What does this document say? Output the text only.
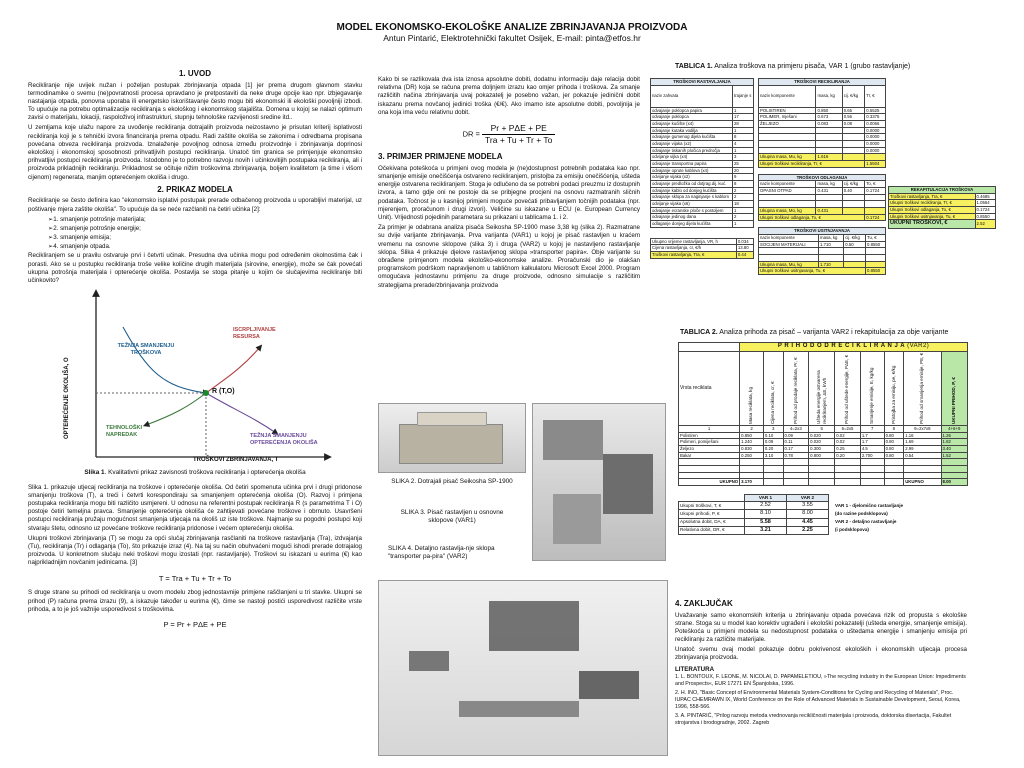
MODEL EKONOMSKO-EKOLOŠKE ANALIZE ZBRINJAVANJA PROIZVODA
Antun Pintarić, Elektrotehnički fakultet Osijek, E-mail: pinta@etfos.hr
1. UVOD

Recikliranje nije uvijek nužan i poželjan postupak zbrinjavanja otpada [1] jer prema drugom glavnom stavku termodinamike o svemu (ne)povratnosti procesa opravdano je pretpostaviti da neke druge opcije kao npr. izbjegavanje nastajanja otpada, ponovna uporaba ili energetsko iskorištavanje često mogu biti ekonomski ili ekološki povoljniji izbodi. To upućuje na potrebu optimalizacije recikliranja s ekološkog i ekonomskog stajališta. Domena u kojoj se nalazi optimum zavisi o materijalu, lokaciji, raspoloživoj infrastrukturi, stupnju tehnološke razvijenosti sredine itd..

U zemljama koje ulažu napore za uvođenje recikliranja dotrajalih proizvoda neizostavno je prisutan kriterij isplativosti recikliranja koji je s tehnički izvora financiranja prema otpadu. Radi zaštite okoliša se zakonima i odredbama propisana povećana obveza recikliranja proizvoda. Iznalaženje povoljnog odnosa između proizvodnje i zbrinjavanja doprinosi ekološkoj i ekonomskoj sposobnosti prihvatljivih postupci recikliranja. Unatoč tim granica se primjenjuje ekonomsko prihvatljivi postupci recikliranja proizvoda. Istodobno je to potrebno razvoju novih i učinkovitijih postupaka recikliranja, ali i proizvoda prikladnijih recikliranju. Prikladnost se očituje nižim troškovima zbrinjavanja, boljem kvalitetom (a time i višom cijenom) regenerata, manjim opterećenjem okoliša i drugo.

2. PRIKAZ MODELA

Recikliranje se često definira kao "ekonomsko isplativi postupak prerade odbačenog proizvoda u uporabljivi materijal, uz poštivanje mjera zaštite okoliša". To upućuje da se neće razčlaniti na četiri učinka [2]:

➢1. smanjenje potrošnje materijala;
➢2. smanjenje potrošnje energije;
➢3. smanjenje emisija;
➢4. smanjenje otpada.

Recikliranjem se u pravilu ostvaruje prvi i četvrti učinak. Presudna dva učinka mogu pod određenim okolnostima čak i porasti. Ako se u postupku recikliranja troše velike količine drugih materijala (sirovine, energije), može se čak povećati ukupna potrošnja materijala i opterećenje okoliša. Postavlja se stoga pitanje u kojim će slučajevima recikliranje biti učinkovito?

TEŽNJA SMANJENJU TROŠKOVA
ISCRPLJIVANJE RESURSA
TEHNOLOŠKI NAPREDAK	TEŽNJA SMANJENJU OPTEREĆENJA OKOLIŠA
R (T,O)
OPTEREĆENJE OKOLIŠA, O
TROŠKOVI ZBRINJAVANJA, T
Slika 1. Kvalitativni prikaz zavisnosti troškova recikliranja i opterećenja okoliša

Slika 1. prikazuje utjecaj recikliranja na troškove i opterećenje okoliša. Od četiri spomenuta učinka prvi i drugi pridonose smanjenju troškova (T), a treći i četvrti korespondiraju sa smanjenjem opterećenja okoliša (O). Razvoj i primjena postupaka recikliranja mogu biti različito usmjereni. U odnosu na referentni postupak recikliranja R (s parametrima T i O) postoje četiri temeljna pravca. Smanjenje opterećenja okoliša će zahtijevati povećane troškove i obrnuto. Usavršeni postupci recikliranja pružaju mogućnost smanjenja utjecaja na okoliš uz iste troškove. Najmanje su pogodni postupci koji stvaraju štetu, odnosno uz povećane troškove recikliranja pridonose i većem opterećenju okoliša.

Ukupni troškovi zbrinjavanja (T) se mogu za opći slučaj zbrinjavanja rasčlaniti na troškove rastavljanja (Tra), izdvajanja (Tu), recikliranja (Tr) i odlaganja (To), što prikazuje izraz (4). Na taj su način obuhvaćeni mogući ishodi prerade dotrajalog proizvoda. U konkretnom slučaju neki troškovi mogu izostati (npr. rastavljanje). Troškovi su iskazani u eurima (€) kao najprikladnijim novčanim jedinicama. [3]

T = Tra + Tu + Tr + To

S druge strane su prihodi od recikliranja u ovom modelu zbog jednostavnije primjene raščlanjeni u tri stavke. Ukupni se prihod (P) računa prema izrazu (9), a iskazuje također u eurima (€), čime se nastoji postići usporedivost različite vrste prihoda, a to je još važnije usporedivost s troškovima.

P = Pr + PΔE + PE

Kako bi se razlikovala dva ista iznosa apsolutne dobiti, dodatnu informaciju daje relacija dobit relativna (DR) koja se računa prema doljnjem izrazu kao omjer prihoda i troškova. Za smanje različitih načina zbrinjavanja uvaj pokazatelj je posebno važan, jer pokazuje jedinični dobit iskazanu prema novčanoj jedinici troška (€/€). Ako imamo iste apsolutne dobiti, povoljnija je ona koja ima veću relativnu dobit.

DR = $\frac{\text{Pr + PΔE + PE}}{\text{Tra + Tu + Tr + To}}$
3. PRIMJER PRIMJENE MODELA

Očekivana poteškoća u primjeni ovog modela je (ne)dostupnost potrebnih podataka kao npr. smanjenje emisije onečišćenja ostvareno recikliranjem, pristojba za emisiju onečišćenja, ušteda energije ostvarena recikliranjem. Stoga je odlučeno da se potrebni podaci preuzmu iz dostupnih izvora, a tamo gdje oni ne postoje da se pribjegne procjeni na osnovu razmatranih sličnih podataka. Točnost je u kasnijoj primjeni moguće povećati pribavljanjem točnijih podataka (npr. mjerenjem, proračunom i drugi izvori). Veličine su iskazane u ECU (e. European Currency Unit). Vrijednosti pojedinih parametara su prikazani u tablicama 1. i 2.

Za primjer je odabrana analiza pisača Seikosha SP-1900 mase 3,38 kg (slika 2). Razmatrane su dvije varijante zbrinjavanja. Prva varijanta (VAR1) u kojoj je pisač rastavljen u kraćem vremenu na osnovne sklopove (slika 3) i druga (VAR2) u kojoj je nastavljeno rastavljanje sklopa. Slika 4 prikazuje djelove rastavljenog sklopa »transporter papira«. Obje varijante su obrađene primjenom modela ekološko-ekonomske analize. Proračunski dio je olakšan programskom podrškom napravljenom u tabličnom kalkulatoru Microsoft Excel 2000. Program omogućava jednostavnu primjenu za druge proizvode, odnosno simulacije s različitim strategijama prerade/zbrinjavanja proizvoda

SLIKA 2. Dotrajali pisač Seikosha SP-1900
SLIKA 3. Pisač rastavljen u osnovne sklopove (VAR1)
SLIKA 4. Detaljno rastavlja-nje sklopa "transporter pa-pira" (VAR2)
TABLICA 1. Analiza troškova na primjeru pisača, VAR 1 (grubo rastavljanje)
TROŠKOVI RASTAVLJANJA	
naziv zahvata	trajanje s
odvajanje poklopca papira	1
odvajanje poklopca	17
odvajanje kućište (x4)	28
odvajanje kutaka vodilja	1
odvajanje gumenog dijela kućišta	8
odvajanje vijaka (x2)	4
odvajanje tiskanih pločica predročja	1
odvijanje vijka (x4)	3
odvajanje transportna papira	25
odvajanje oprute kablova (x4)	20
odvijanje vijaka (x2)	9
odvajanje predložka od dotjrag.dij. kuć.	8
odvajanje kablo od donjeg kućišta	2
odvajanje sklopa za naginjanje s kablom	2
odvijanje vijaka (x6)	18
odvajanje ecranske ploče s postoljem	1
odvajanje jedinog dana	2
odlaganje donjeg dijela kućišta	1
Ukupno vrijeme rastavljanja, VR, h	0.034
Cijena rastavljanja, cr, €/h	13.80
Troškovi rastavljanja, Tra, €	0.44
TROŠKOVI RECIKLIRANJA			
naziv komponente	masa, kg	cij. €/kg	Tr, €
POLISTIREN	0.850	0.65	0.5525
POLIMER, mješani	0.673	0.56	0.3375
ŽELJEZO	0.083	0.08	0.0066
			0.0000
			0.0000
			0.0000
			0.0000
Ukupna masa, Mu, kg	1.616		
Ukupni troškovi recikliranja, Tr, €			1.5504
TROŠKOVI ODLAGANJA			
naziv komponente	masa, kg	cij. €/kg	To, €
OPASNI OTPAD	0.431	0.40	0.1724

Ukupna masa, Mo, kg	0.431		
Ukupni troškovi odlaganja, To, €			0.1724
TROŠKOVI USITNJAVANJA			
naziv komponente	masa, kg	cij. €/kg	Tu, €
SOCIJENI MATERIJALI	1.710	0.50	0.8550

Ukupna masa, Mu, kg	1.710		
Ukupni troškovi usitnjavanja, Tu, €			0.8550
REKAPITULACIJA TROŠKOVA	
Troškovi rastavljanja, Tra, €	0.4685
Ukupni troškovi recikliranja, Tr, €	1.0564
Ukupni troškovi odlaganja, To, €	0.1724
Ukupni troškovi usitnjavanja, Tu, €	0.8550
UKUPNI TROŠKOVI, €	2.52
TABLICA 2. Analiza prihoda za pisač – varijanta VAR2 i rekapitulacija za obje varijante
	P R I H O D O D R E C I K L I R A N J A (VAR2)								
Vrsta reciklata	Masa reciklata, kg	Cijena reciklata, cr, €	Prihod od prodaje reciklata, Pr, €	Ušteda energije ostvarena recikliranjem, ΔE, kWh	Prihod od uštede energije, PΔE, €	Smanjenje emisije, E, kg/kg	Pristojba za emisiju, pe, €/kg	Prihod od smanjenja emisije, PE, €	UKUPNI PRIHOD, P, €

1	2	3	4=2x3	5	6=2x5	7	8	9=2x7x8	4+6+9
Polistiren	0.850	0.10	0.09	0.020	0.02	1.7	0.80	1.16	1.26
Polimeri, pomiješani	1.240	0.09	0.11	0.020	0.02	1.7	0.80	1.69	1.82
Željezo	0.830	0.20	0.17	0.300	0.25	4.5	0.80	2.99	3.40
Bakar	0.250	3.10	0.78	0.800	0.20	2.700	0.80	0.54	1.52

UKUPNO	3.170							UKUPNO	8.00
	VAR 1	VAR 2	
Ukupni troškovi, T, €	2.52	3.55	VAR 1 - djelomično rastavljanje
Ukupni prihodi, P, €	8.10	8.00	(do razine podsklopova)
Apsolutna dobit, DA, €	5.58	4.45	VAR 2 - detaljno rastavljanje
Relativna dobit, DR, €	3.21	2.25	(i podsklopova)
4. ZAKLJUČAK

Uvažavanje samo ekonomskih kriterija u zbrinjavanju otpada povećava rizik od propusta s ekološke strane. Stoga su u model kao korektiv ugrađeni i ekološki pokazatelji (ušteda energije, smanjenje emisija). Poteškoća u primjeni modela su nedostupnost podataka o uštedama energije i smanjenju emisija pri recikliranju za različite materijale.

Unatoč svemu ovaj model pokazuje dobru pokrivenost ekoloških i ekonomskih utjecaja procesa zbrinjavanja proizvoda.

LITERATURA
1. L. BONTOUX, F. LEONE, M. NICOLAI, D. PAPAMELETIOU, »The recycling industry in the European Union: Impediments and Prospects«, EUR 17271 EN Španjolska, 1996.
2. H. INO, "Basic Concept of Environmental Materials System-Conditions for Cycling and Recycling of Materials", Proc. IUPAC CHEMRAWN IX, World Conference on the Role of Advanced Materials in Sustainable Development, Seoul, Korea, 1996, 558-566.
3. A. PINTARIĆ, "Prilog razvoju metoda vrednovanja recikličnosti materijala i proizvoda, doktorska disertacija, Fakultet strojarstva i brodogradnje, 2002. Zagreb
